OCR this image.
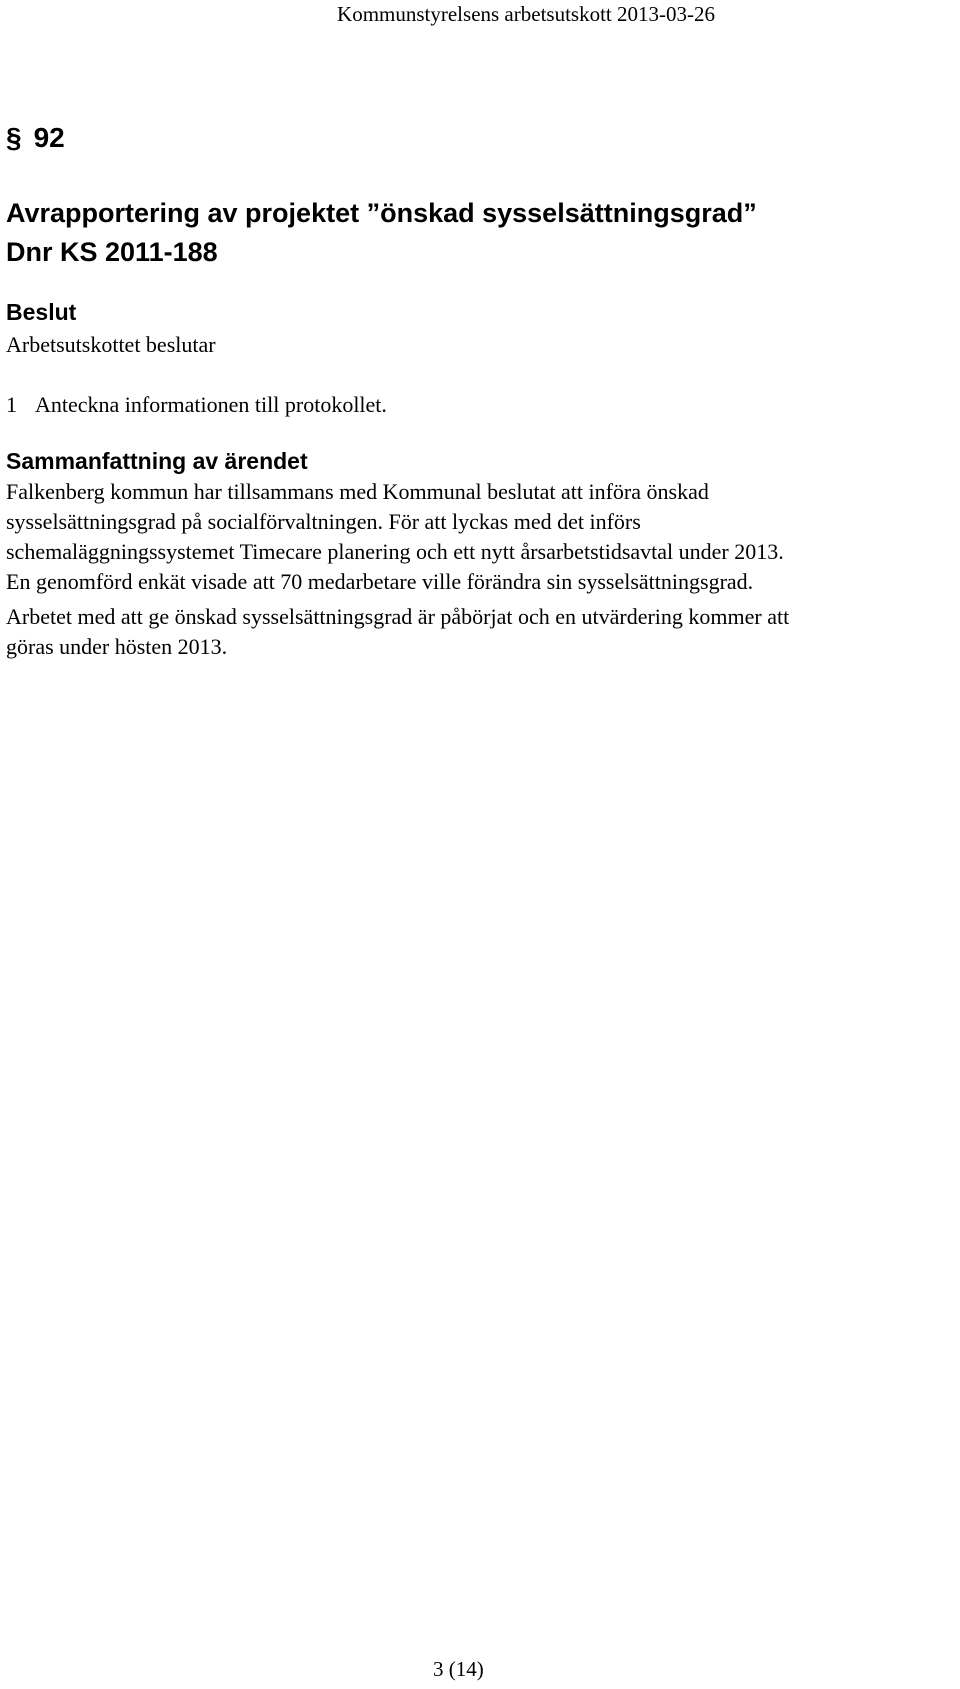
Kommunstyrelsens arbetsutskott 2013-03-26
§ 92
Avrapportering av projektet ”önskad sysselsättningsgrad”
Dnr KS 2011-188
Beslut
Arbetsutskottet beslutar
1 Anteckna informationen till protokollet.
Sammanfattning av ärendet
Falkenberg kommun har tillsammans med Kommunal beslutat att införa önskad
sysselsättningsgrad på socialförvaltningen. För att lyckas med det införs
schemaläggningssystemet Timecare planering och ett nytt årsarbetstidsavtal under 2013.
En genomförd enkät visade att 70 medarbetare ville förändra sin sysselsättningsgrad.
Arbetet med att ge önskad sysselsättningsgrad är påbörjat och en utvärdering kommer att
göras under hösten 2013.
3 (14)
